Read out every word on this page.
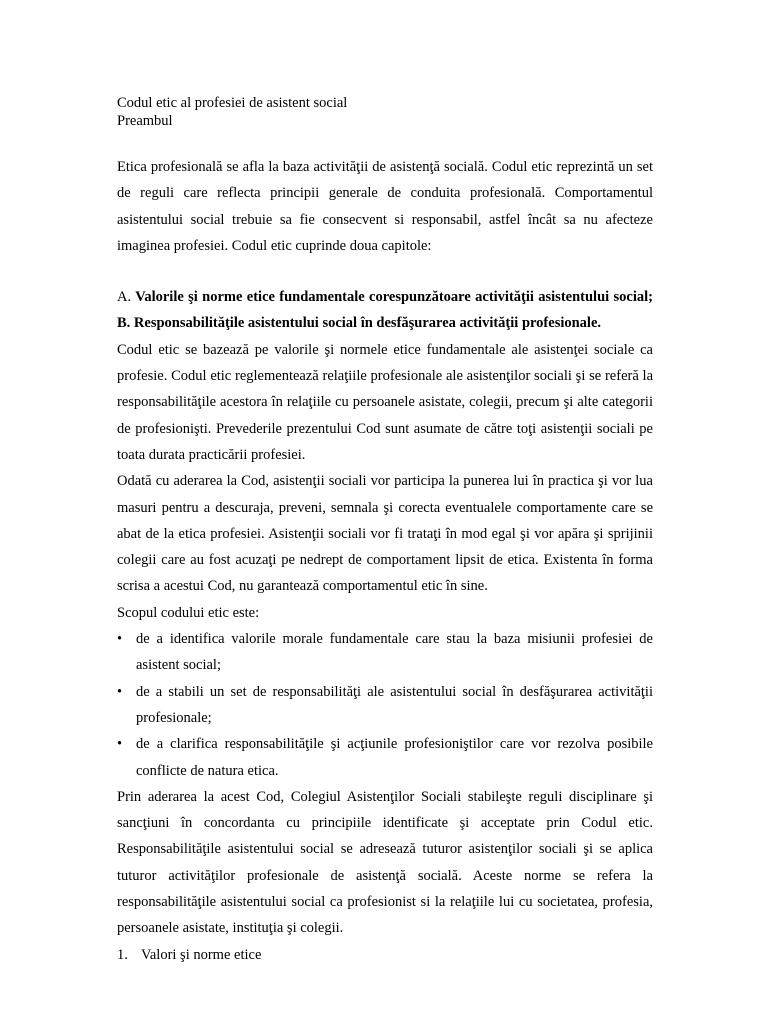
Codul etic al profesiei de asistent social
Preambul

Etica profesională se afla la baza activităţii de asistenţă socială. Codul etic reprezintă un set de reguli care reflecta principii generale de conduita profesională. Comportamentul asistentului social trebuie sa fie consecvent si responsabil, astfel încât sa nu afecteze imaginea profesiei. Codul etic cuprinde doua capitole:

A. Valorile şi norme etice fundamentale corespunzătoare activităţii asistentului social; B. Responsabilităţile asistentului social în desfăşurarea activităţii profesionale.

Codul etic se bazează pe valorile şi normele etice fundamentale ale asistenţei sociale ca profesie. Codul etic reglementează relaţiile profesionale ale asistenţilor sociali şi se referă la responsabilităţile acestora în relaţiile cu persoanele asistate, colegii, precum şi alte categorii de profesionişti. Prevederile prezentului Cod sunt asumate de către toţi asistenţii sociali pe toata durata practicării profesiei.

Odată cu aderarea la Cod, asistenţii sociali vor participa la punerea lui în practica şi vor lua masuri pentru a descuraja, preveni, semnala şi corecta eventualele comportamente care se abat de la etica profesiei. Asistenţii sociali vor fi trataţi în mod egal şi vor apăra şi sprijinii colegii care au fost acuzaţi pe nedrept de comportament lipsit de etica. Existenta în forma scrisa a acestui Cod, nu garantează comportamentul etic în sine.

Scopul codului etic este:

• de a identifica valorile morale fundamentale care stau la baza misiunii profesiei de asistent social;
• de a stabili un set de responsabilităţi ale asistentului social în desfăşurarea activităţii profesionale;
• de a clarifica responsabilităţile şi acţiunile profesioniştilor care vor rezolva posibile conflicte de natura etica.

Prin aderarea la acest Cod, Colegiul Asistenţilor Sociali stabileşte reguli disciplinare şi sancţiuni în concordanta cu principiile identificate şi acceptate prin Codul etic. Responsabilităţile asistentului social se adresează tuturor asistenţilor sociali şi se aplica tuturor activităţilor profesionale de asistenţă socială. Aceste norme se refera la responsabilităţile asistentului social ca profesionist si la relaţiile lui cu societatea, profesia, persoanele asistate, instituţia şi colegii.

1. Valori şi norme etice
